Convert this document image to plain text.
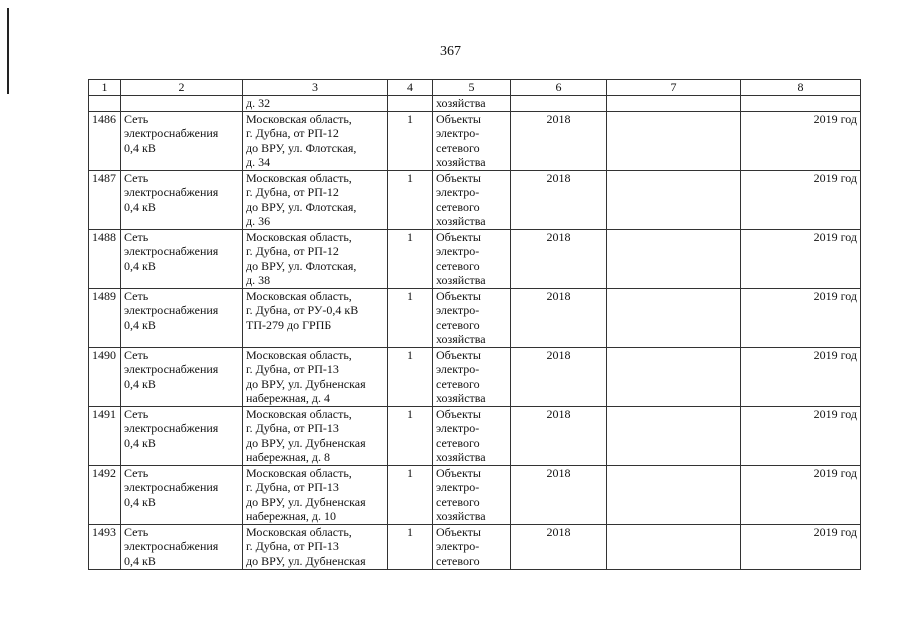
367
1	2	3	4	5	6	7	8
		д. 32		хозяйства			
1486	Сеть
электроснабжения
0,4 кВ	Московская область,
г. Дубна, от РП-12
до ВРУ, ул. Флотская,
д. 34	1	Объекты
электро-
сетевого
хозяйства	2018		2019 год
1487	Сеть
электроснабжения
0,4 кВ	Московская область,
г. Дубна, от РП-12
до ВРУ, ул. Флотская,
д. 36	1	Объекты
электро-
сетевого
хозяйства	2018		2019 год
1488	Сеть
электроснабжения
0,4 кВ	Московская область,
г. Дубна, от РП-12
до ВРУ, ул. Флотская,
д. 38	1	Объекты
электро-
сетевого
хозяйства	2018		2019 год
1489	Сеть
электроснабжения
0,4 кВ	Московская область,
г. Дубна, от РУ-0,4 кВ
ТП-279 до ГРПБ	1	Объекты
электро-
сетевого
хозяйства	2018		2019 год
1490	Сеть
электроснабжения
0,4 кВ	Московская область,
г. Дубна, от РП-13
до ВРУ, ул. Дубненская
набережная, д. 4	1	Объекты
электро-
сетевого
хозяйства	2018		2019 год
1491	Сеть
электроснабжения
0,4 кВ	Московская область,
г. Дубна, от РП-13
до ВРУ, ул. Дубненская
набережная, д. 8	1	Объекты
электро-
сетевого
хозяйства	2018		2019 год
1492	Сеть
электроснабжения
0,4 кВ	Московская область,
г. Дубна, от РП-13
до ВРУ, ул. Дубненская
набережная, д. 10	1	Объекты
электро-
сетевого
хозяйства	2018		2019 год
1493	Сеть
электроснабжения
0,4 кВ	Московская область,
г. Дубна, от РП-13
до ВРУ, ул. Дубненская	1	Объекты
электро-
сетевого	2018		2019 год
